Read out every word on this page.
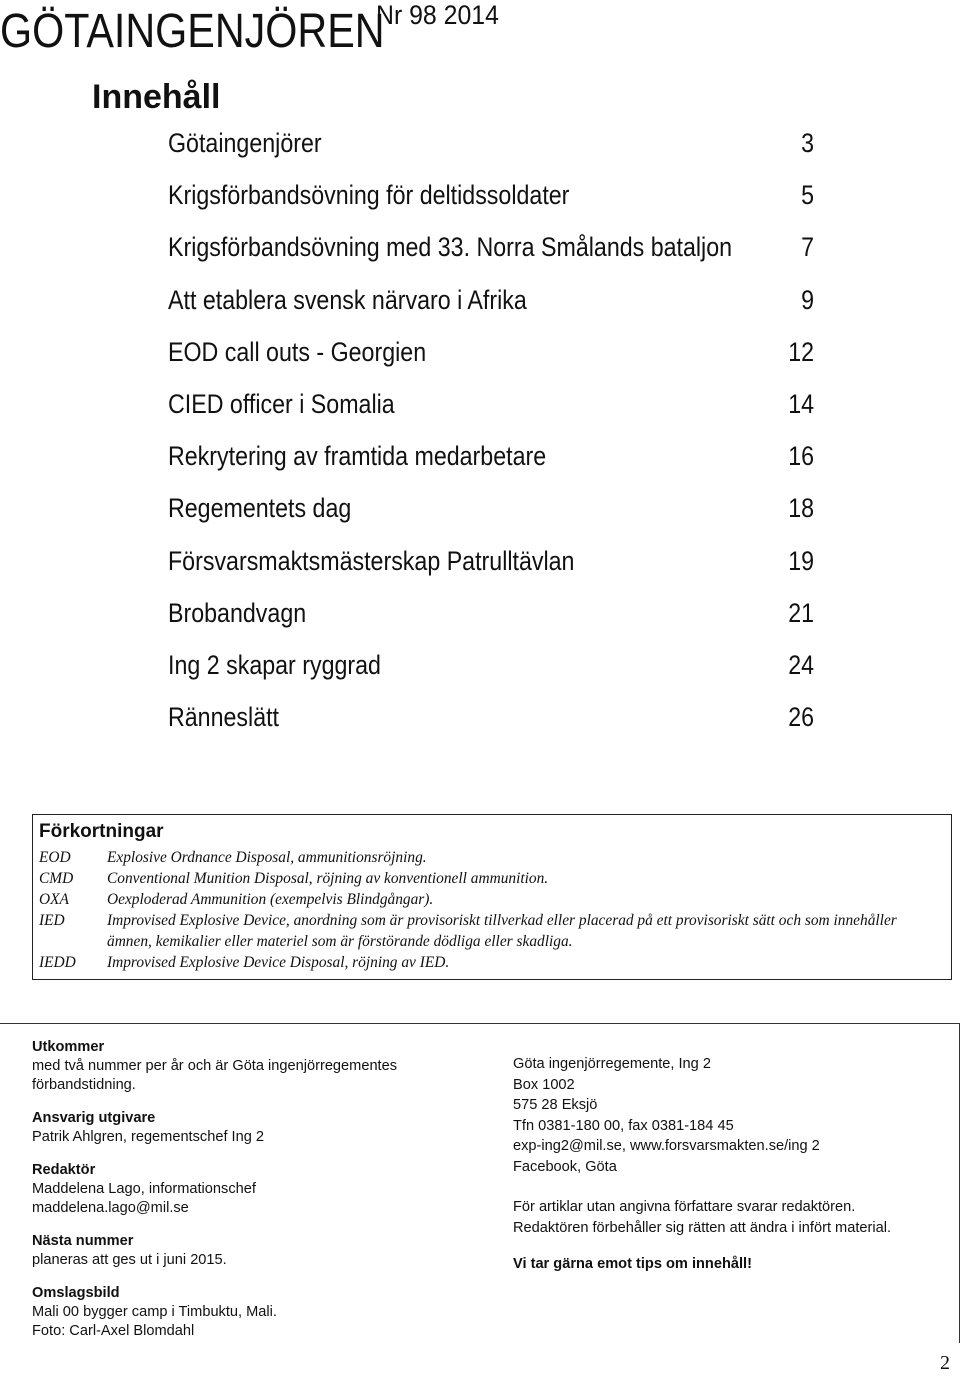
GÖTAINGENJÖREN
Nr 98 2014
Innehåll
Götaingenjörer	3
Krigsförbandsövning för deltidssoldater	5
Krigsförbandsövning med 33. Norra Smålands bataljon	7
Att etablera svensk närvaro i Afrika	9
EOD call outs - Georgien	12
CIED officer i Somalia	14
Rekrytering av framtida medarbetare	16
Regementets dag	18
Försvarsmaktsmästerskap Patrulltävlan	19
Brobandvagn	21
Ing 2 skapar ryggrad	24
Ränneslätt	26
Förkortningar
EOD	Explosive Ordnance Disposal, ammunitionsröjning.
CMD	Conventional Munition Disposal, röjning av konventionell ammunition.
OXA	Oexploderad Ammunition (exempelvis Blindgångar).
IED	Improvised Explosive Device, anordning som är provisoriskt tillverkad eller placerad på ett provisoriskt sätt och som innehåller ämnen, kemikalier eller materiel som är förstörande dödliga eller skadliga.
IEDD	Improvised Explosive Device Disposal, röjning av IED.
Utkommer
med två nummer per år och är Göta ingenjörregementes förbandstidning.
Ansvarig utgivare
Patrik Ahlgren, regementschef Ing 2
Redaktör
Maddelena Lago, informationschef
maddelena.lago@mil.se
Nästa nummer
planeras att ges ut i juni 2015.
Omslagsbild
Mali 00 bygger camp i Timbuktu, Mali.
Foto: Carl-Axel Blomdahl
Göta ingenjörregemente, Ing 2
Box 1002
575 28 Eksjö
Tfn 0381-180 00, fax 0381-184 45
exp-ing2@mil.se, www.forsvarsmakten.se/ing 2
Facebook, Göta
För artiklar utan angivna författare svarar redaktören.
Redaktören förbehåller sig rätten att ändra i infört material.
Vi tar gärna emot tips om innehåll!
2
